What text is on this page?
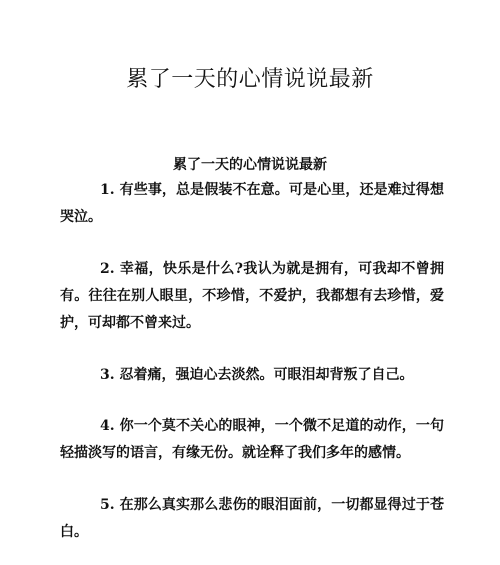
累了一天的心情说说最新
累了一天的心情说说最新

1. 有些事，总是假装不在意。可是心里，还是难过得想哭泣。

2. 幸福，快乐是什么?我认为就是拥有，可我却不曾拥有。往往在别人眼里，不珍惜，不爱护，我都想有去珍惜，爱护，可却都不曾来过。

3. 忍着痛，强迫心去淡然。可眼泪却背叛了自己。

4. 你一个莫不关心的眼神，一个微不足道的动作，一句轻描淡写的语言，有缘无份。就诠释了我们多年的感情。

5. 在那么真实那么悲伤的眼泪面前，一切都显得过于苍白。
